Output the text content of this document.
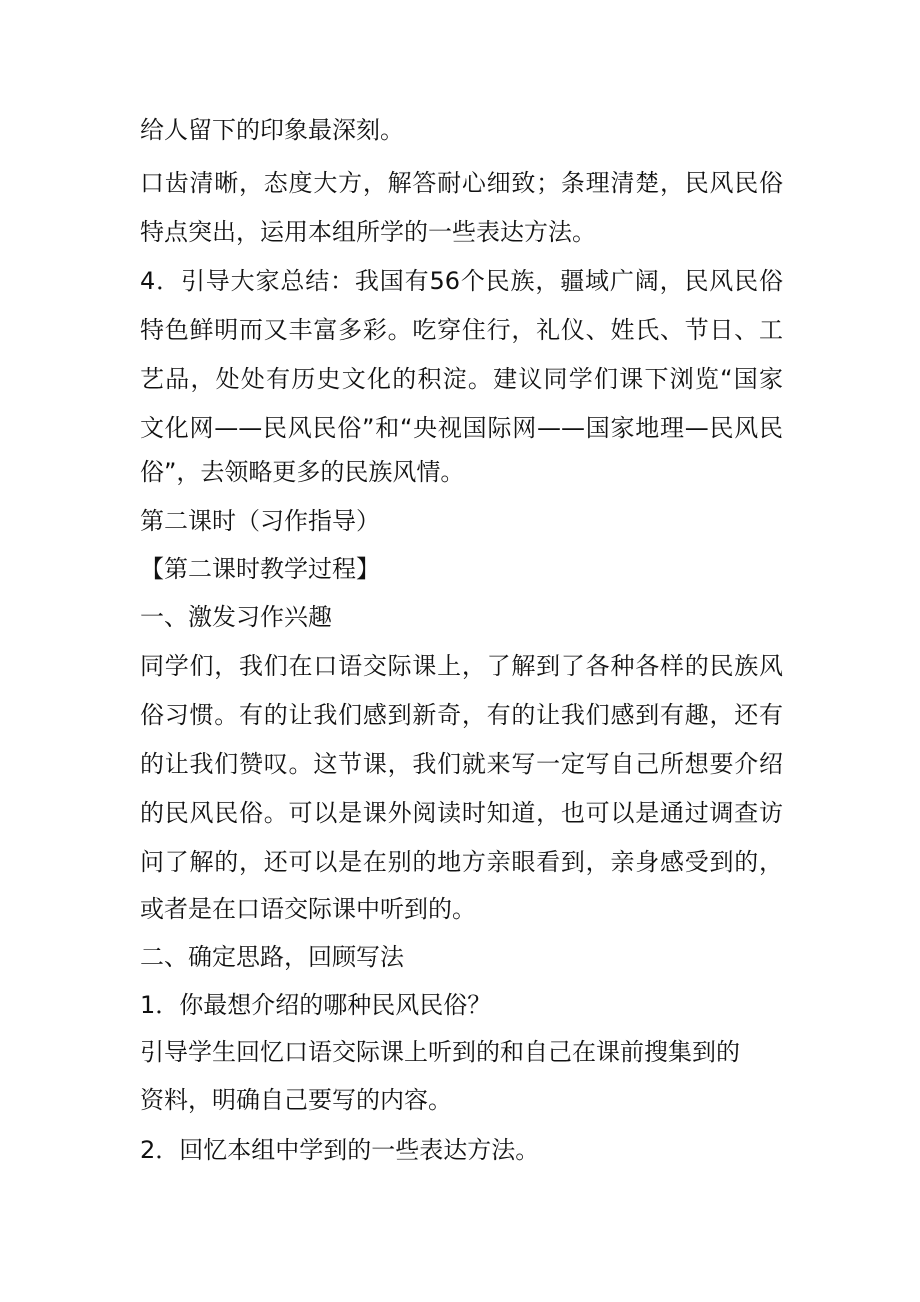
给人留下的印象最深刻。
口齿清晰，态度大方，解答耐心细致；条理清楚，民风民俗
特点突出，运用本组所学的一些表达方法。
4．引导大家总结：我国有56个民族，疆域广阔，民风民俗
特色鲜明而又丰富多彩。吃穿住行，礼仪、姓氏、节日、工
艺品，处处有历史文化的积淀。建议同学们课下浏览“国家
文化网——民风民俗”和“央视国际网——国家地理—民风民
俗”，去领略更多的民族风情。
第二课时（习作指导）
【第二课时教学过程】
一、激发习作兴趣
同学们，我们在口语交际课上，了解到了各种各样的民族风
俗习惯。有的让我们感到新奇，有的让我们感到有趣，还有
的让我们赞叹。这节课，我们就来写一定写自己所想要介绍
的民风民俗。可以是课外阅读时知道，也可以是通过调查访
问了解的，还可以是在别的地方亲眼看到，亲身感受到的，
或者是在口语交际课中听到的。
二、确定思路，回顾写法
1．你最想介绍的哪种民风民俗？
引导学生回忆口语交际课上听到的和自己在课前搜集到的
资料，明确自己要写的内容。
2．回忆本组中学到的一些表达方法。
